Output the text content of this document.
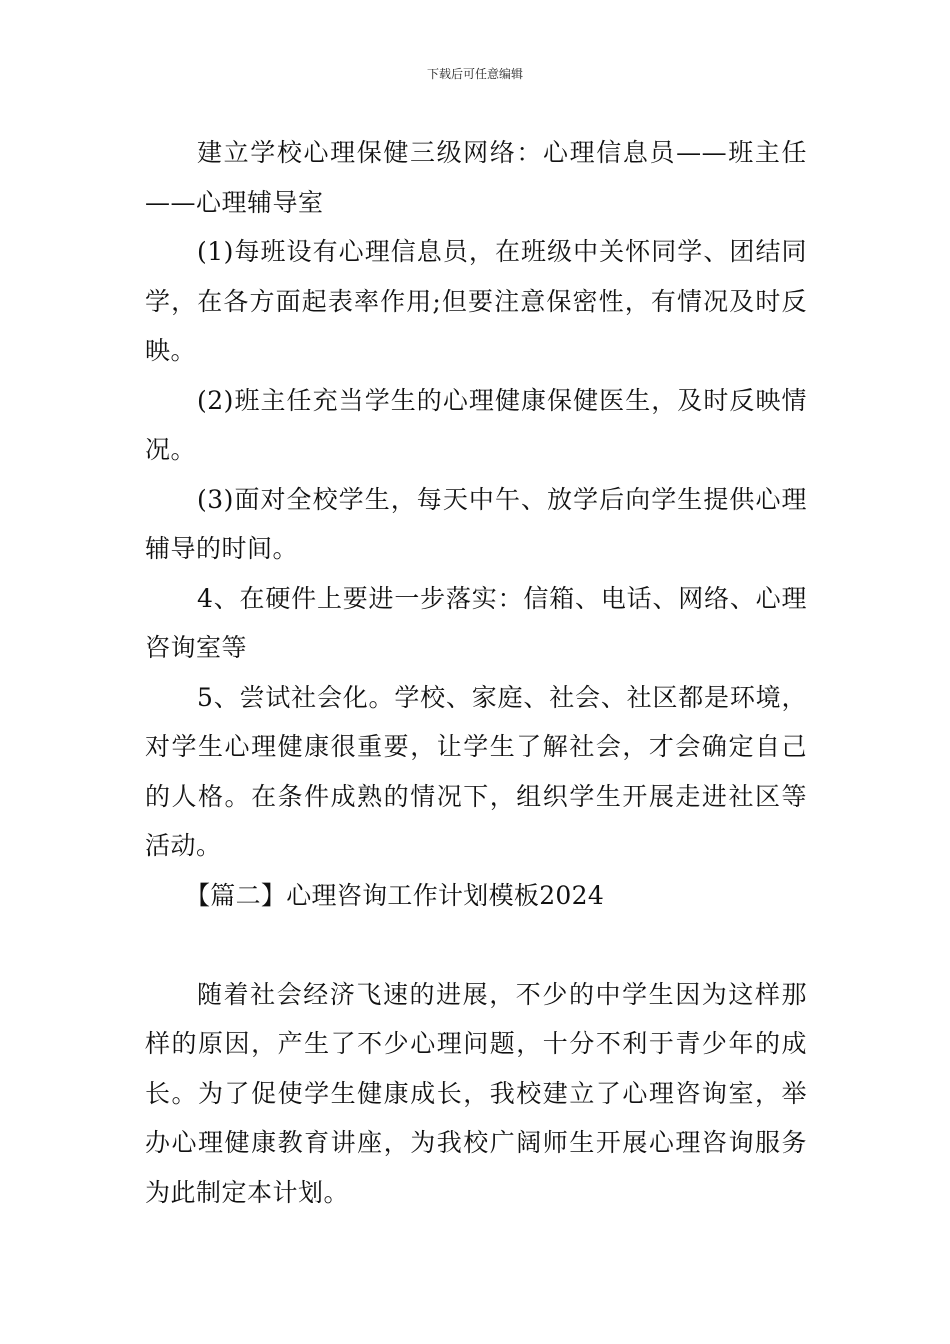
下载后可任意编辑

建立学校心理保健三级网络：心理信息员——班主任——心理辅导室

(1)每班设有心理信息员，在班级中关怀同学、团结同学，在各方面起表率作用;但要注意保密性，有情况及时反映。

(2)班主任充当学生的心理健康保健医生，及时反映情况。

(3)面对全校学生，每天中午、放学后向学生提供心理辅导的时间。

4、在硬件上要进一步落实：信箱、电话、网络、心理咨询室等

5、尝试社会化。学校、家庭、社会、社区都是环境，对学生心理健康很重要，让学生了解社会，才会确定自己的人格。在条件成熟的情况下，组织学生开展走进社区等活动。

【篇二】心理咨询工作计划模板2024

随着社会经济飞速的进展，不少的中学生因为这样那样的原因，产生了不少心理问题，十分不利于青少年的成长。为了促使学生健康成长，我校建立了心理咨询室，举办心理健康教育讲座，为我校广阔师生开展心理咨询服务为此制定本计划。
